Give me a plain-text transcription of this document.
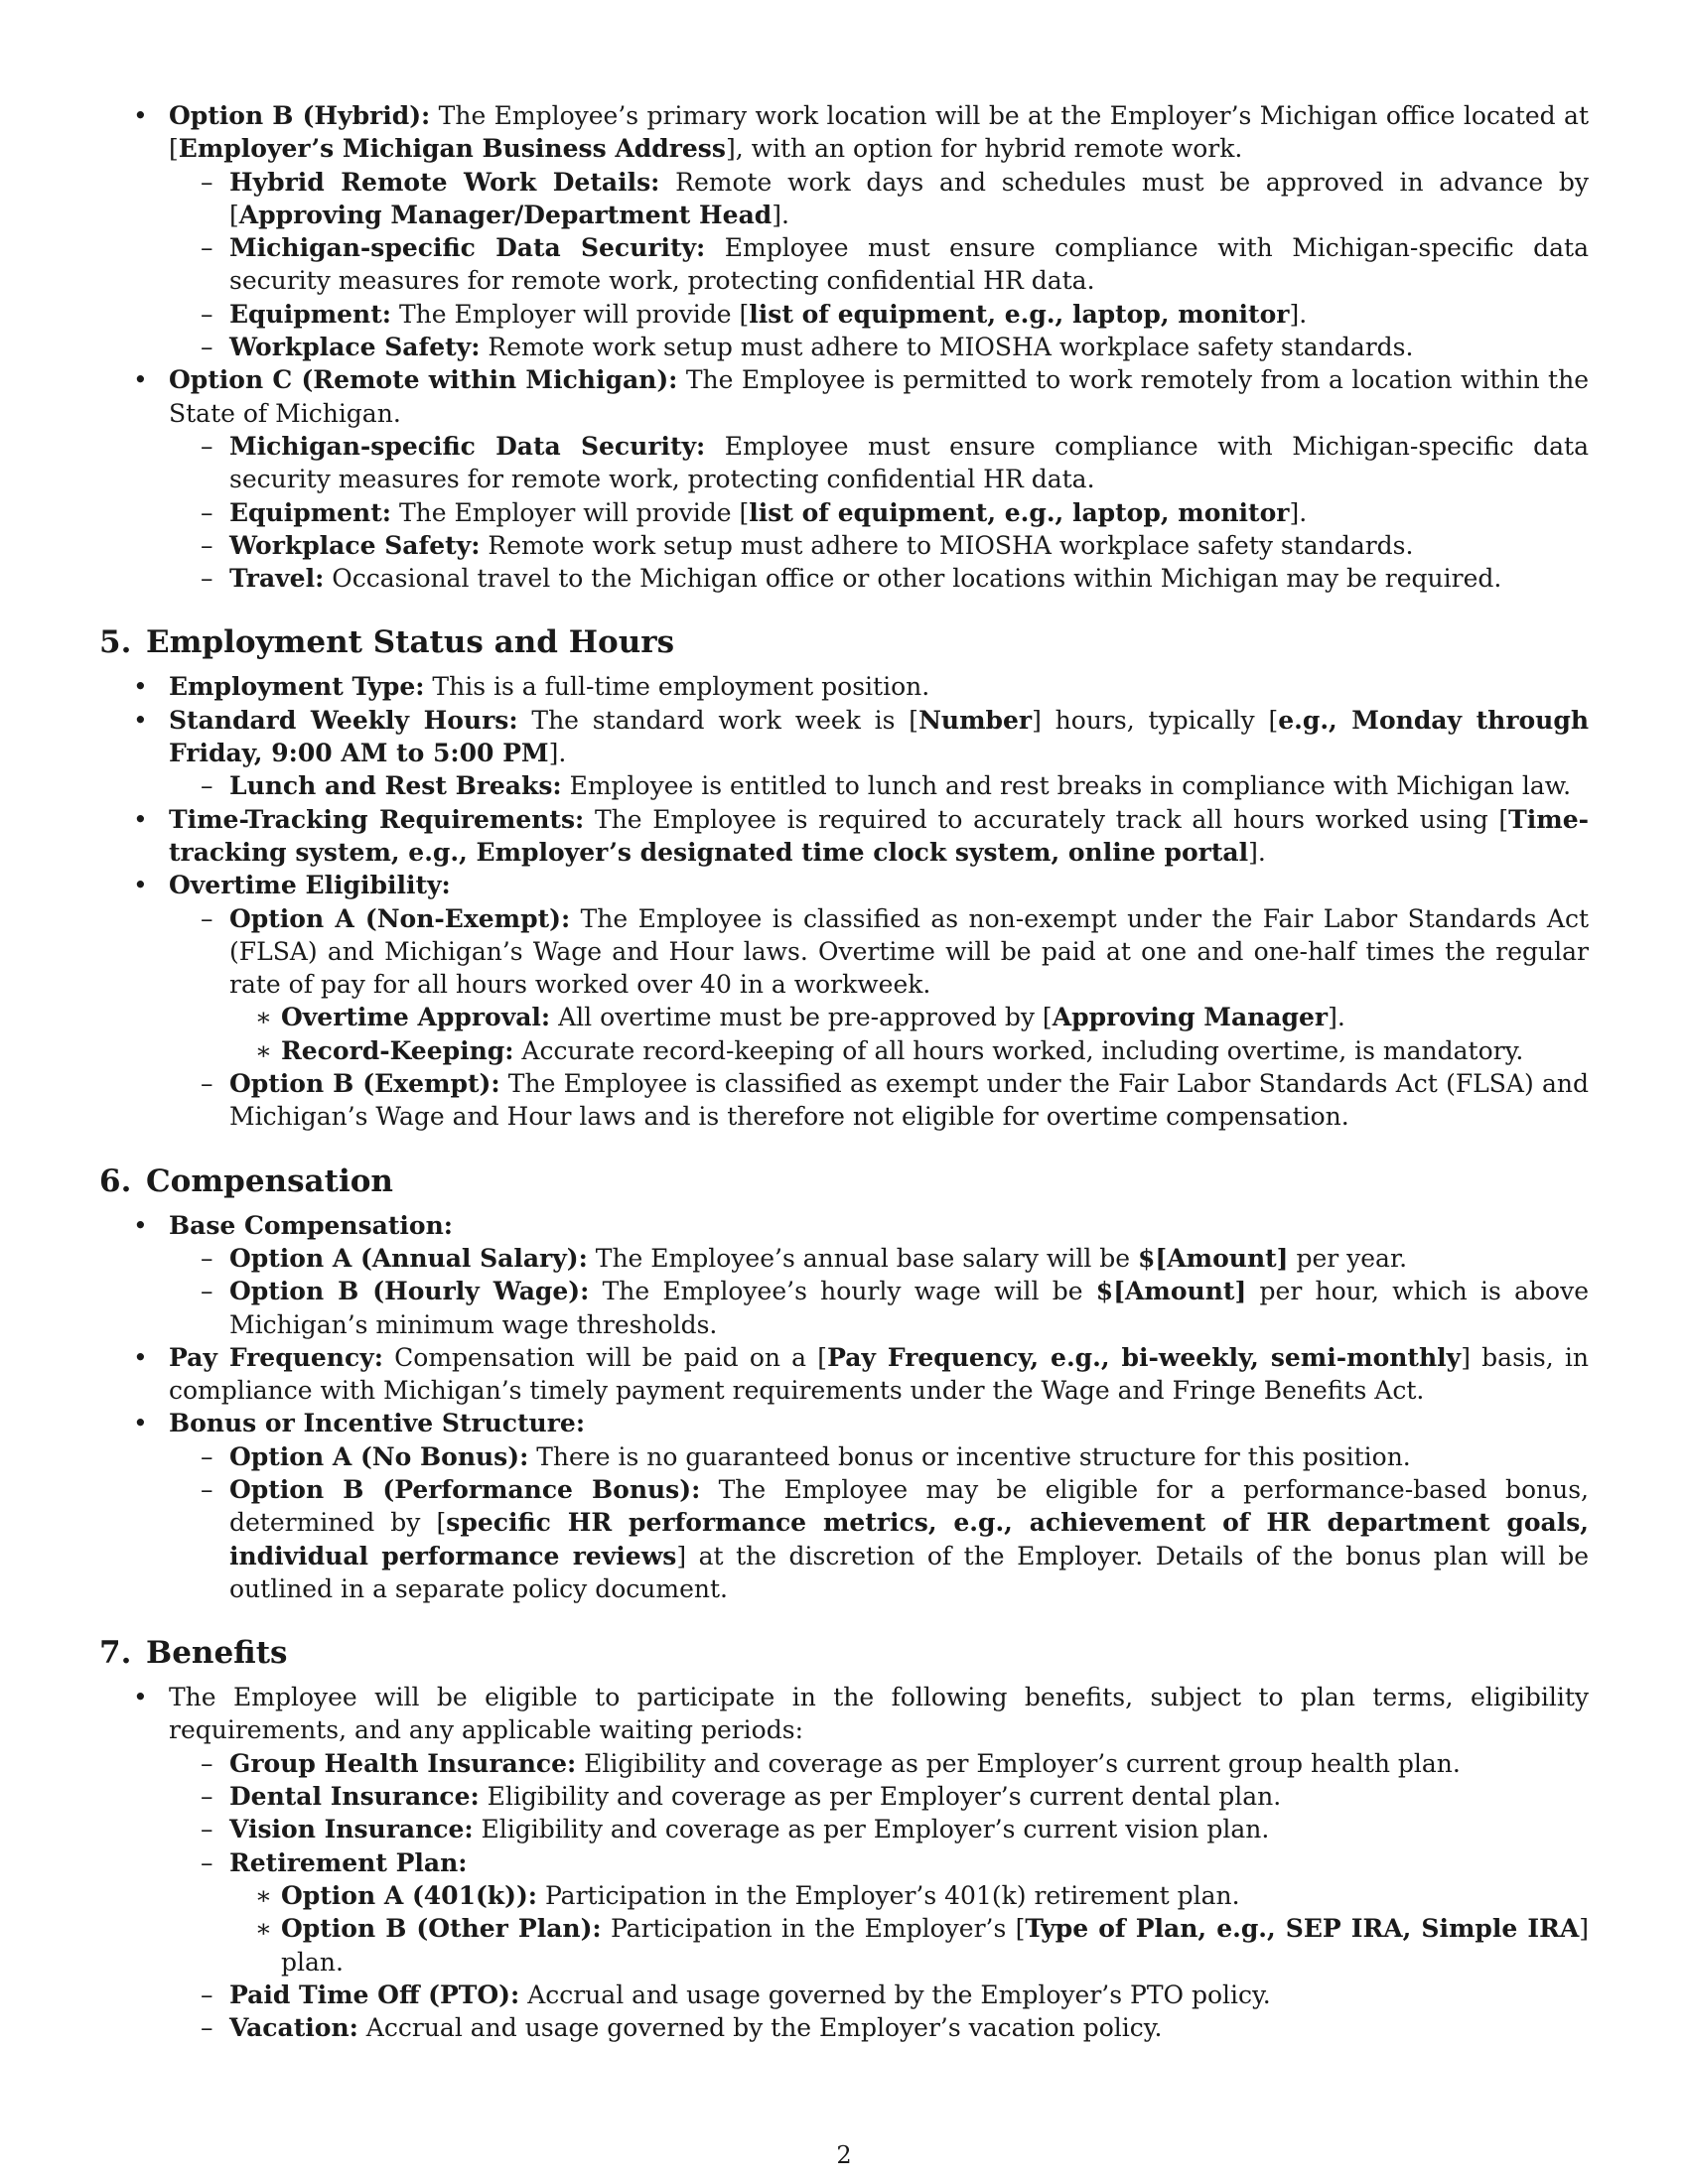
• Option B (Hybrid): The Employee’s primary work location will be at the Employer’s Michigan office located at [Employer’s Michigan Business Address], with an option for hybrid remote work.
– Hybrid Remote Work Details: Remote work days and schedules must be approved in advance by [Approving Manager/Department Head].
– Michigan-specific Data Security: Employee must ensure compliance with Michigan-specific data security measures for remote work, protecting confidential HR data.
– Equipment: The Employer will provide [list of equipment, e.g., laptop, monitor].
– Workplace Safety: Remote work setup must adhere to MIOSHA workplace safety standards.
• Option C (Remote within Michigan): The Employee is permitted to work remotely from a location within the State of Michigan.
– Michigan-specific Data Security: Employee must ensure compliance with Michigan-specific data security measures for remote work, protecting confidential HR data.
– Equipment: The Employer will provide [list of equipment, e.g., laptop, monitor].
– Workplace Safety: Remote work setup must adhere to MIOSHA workplace safety standards.
– Travel: Occasional travel to the Michigan office or other locations within Michigan may be required.
5. Employment Status and Hours
• Employment Type: This is a full-time employment position.
• Standard Weekly Hours: The standard work week is [Number] hours, typically [e.g., Monday through Friday, 9:00 AM to 5:00 PM].
– Lunch and Rest Breaks: Employee is entitled to lunch and rest breaks in compliance with Michigan law.
• Time-Tracking Requirements: The Employee is required to accurately track all hours worked using [Time-tracking system, e.g., Employer’s designated time clock system, online portal].
• Overtime Eligibility:
– Option A (Non-Exempt): The Employee is classified as non-exempt under the Fair Labor Standards Act (FLSA) and Michigan’s Wage and Hour laws. Overtime will be paid at one and one-half times the regular rate of pay for all hours worked over 40 in a workweek.
∗ Overtime Approval: All overtime must be pre-approved by [Approving Manager].
∗ Record-Keeping: Accurate record-keeping of all hours worked, including overtime, is mandatory.
– Option B (Exempt): The Employee is classified as exempt under the Fair Labor Standards Act (FLSA) and Michigan’s Wage and Hour laws and is therefore not eligible for overtime compensation.
6. Compensation
• Base Compensation:
– Option A (Annual Salary): The Employee’s annual base salary will be $[Amount] per year.
– Option B (Hourly Wage): The Employee’s hourly wage will be $[Amount] per hour, which is above Michigan’s minimum wage thresholds.
• Pay Frequency: Compensation will be paid on a [Pay Frequency, e.g., bi-weekly, semi-monthly] basis, in compliance with Michigan’s timely payment requirements under the Wage and Fringe Benefits Act.
• Bonus or Incentive Structure:
– Option A (No Bonus): There is no guaranteed bonus or incentive structure for this position.
– Option B (Performance Bonus): The Employee may be eligible for a performance-based bonus, determined by [specific HR performance metrics, e.g., achievement of HR department goals, individual performance reviews] at the discretion of the Employer. Details of the bonus plan will be outlined in a separate policy document.
7. Benefits
• The Employee will be eligible to participate in the following benefits, subject to plan terms, eligibility requirements, and any applicable waiting periods:
– Group Health Insurance: Eligibility and coverage as per Employer’s current group health plan.
– Dental Insurance: Eligibility and coverage as per Employer’s current dental plan.
– Vision Insurance: Eligibility and coverage as per Employer’s current vision plan.
– Retirement Plan:
∗ Option A (401(k)): Participation in the Employer’s 401(k) retirement plan.
∗ Option B (Other Plan): Participation in the Employer’s [Type of Plan, e.g., SEP IRA, Simple IRA] plan.
– Paid Time Off (PTO): Accrual and usage governed by the Employer’s PTO policy.
– Vacation: Accrual and usage governed by the Employer’s vacation policy.
2
